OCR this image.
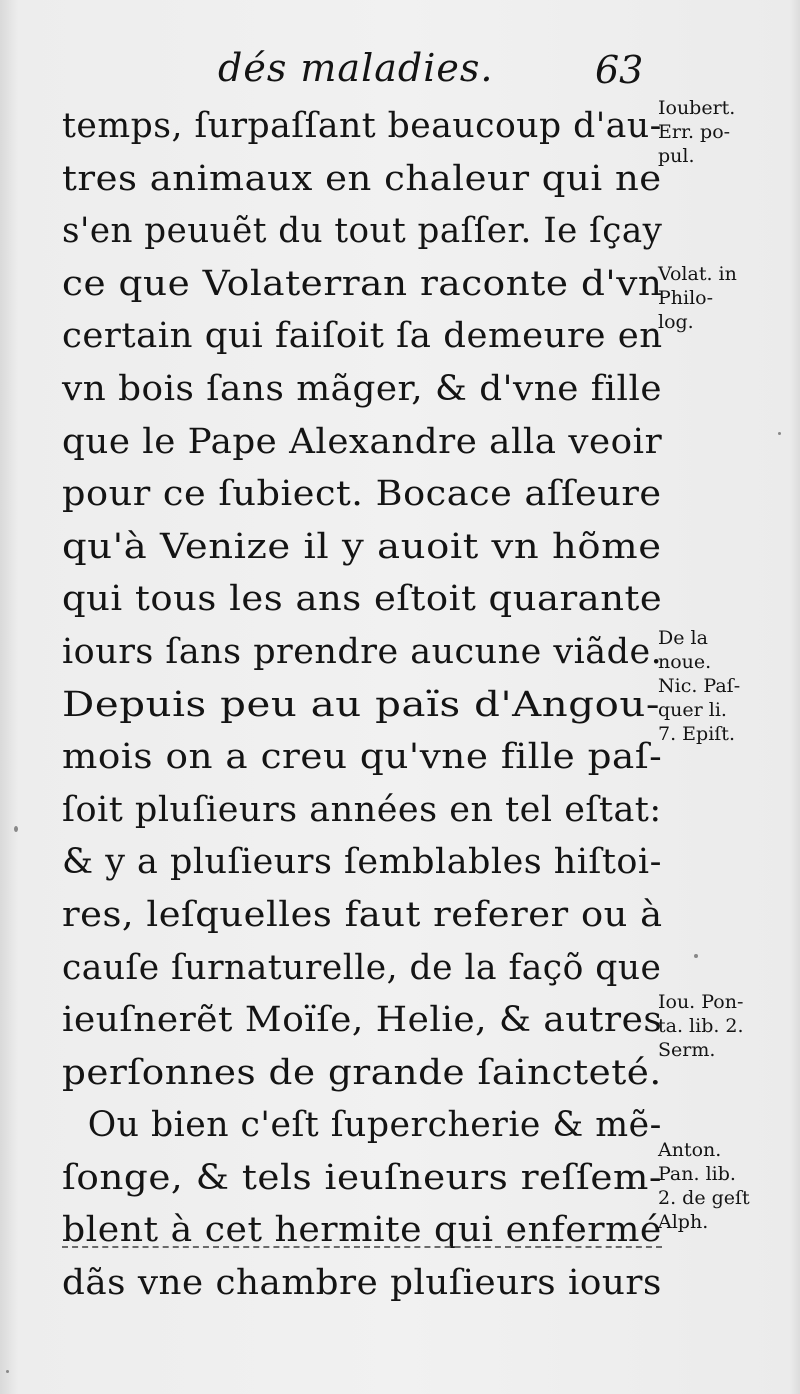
dés maladies.	63
temps, ſurpaſſant beaucoup d'au-
tres animaux en chaleur qui ne
s'en peuuẽt du tout paſſer. Ie ſçay
ce que Volaterran raconte d'vn
certain qui faiſoit ſa demeure en
vn bois ſans mãger, & d'vne fille
que le Pape Alexandre alla veoir
pour ce ſubiect. Bocace aſſeure
qu'à Venize il y auoit vn hõme
qui tous les ans eſtoit quarante
iours ſans prendre aucune viãde.
Depuis peu au païs d'Angou-
mois on a creu qu'vne fille paſ-
ſoit pluſieurs années en tel eſtat:
& y a pluſieurs ſemblables hiſtoi-
res, leſquelles faut referer ou à
cauſe ſurnaturelle, de la façõ que
ieuſnerẽt Moïſe, Helie, & autres
perſonnes de grande ſaincteté.
Ou bien c'eſt ſupercherie & mẽ-
ſonge, & tels ieuſneurs reſſem-
blent à cet hermite qui enfermé
dãs vne chambre pluſieurs iours
Ioubert.
Err. po-
pul.
Volat. in
Philo-
log.
De la
noue.
Nic. Paſ-
quer li.
7. Epiſt.
Iou. Pon-
ta. lib. 2.
Serm.
Anton.
Pan. lib.
2. de geſt
Alph.
